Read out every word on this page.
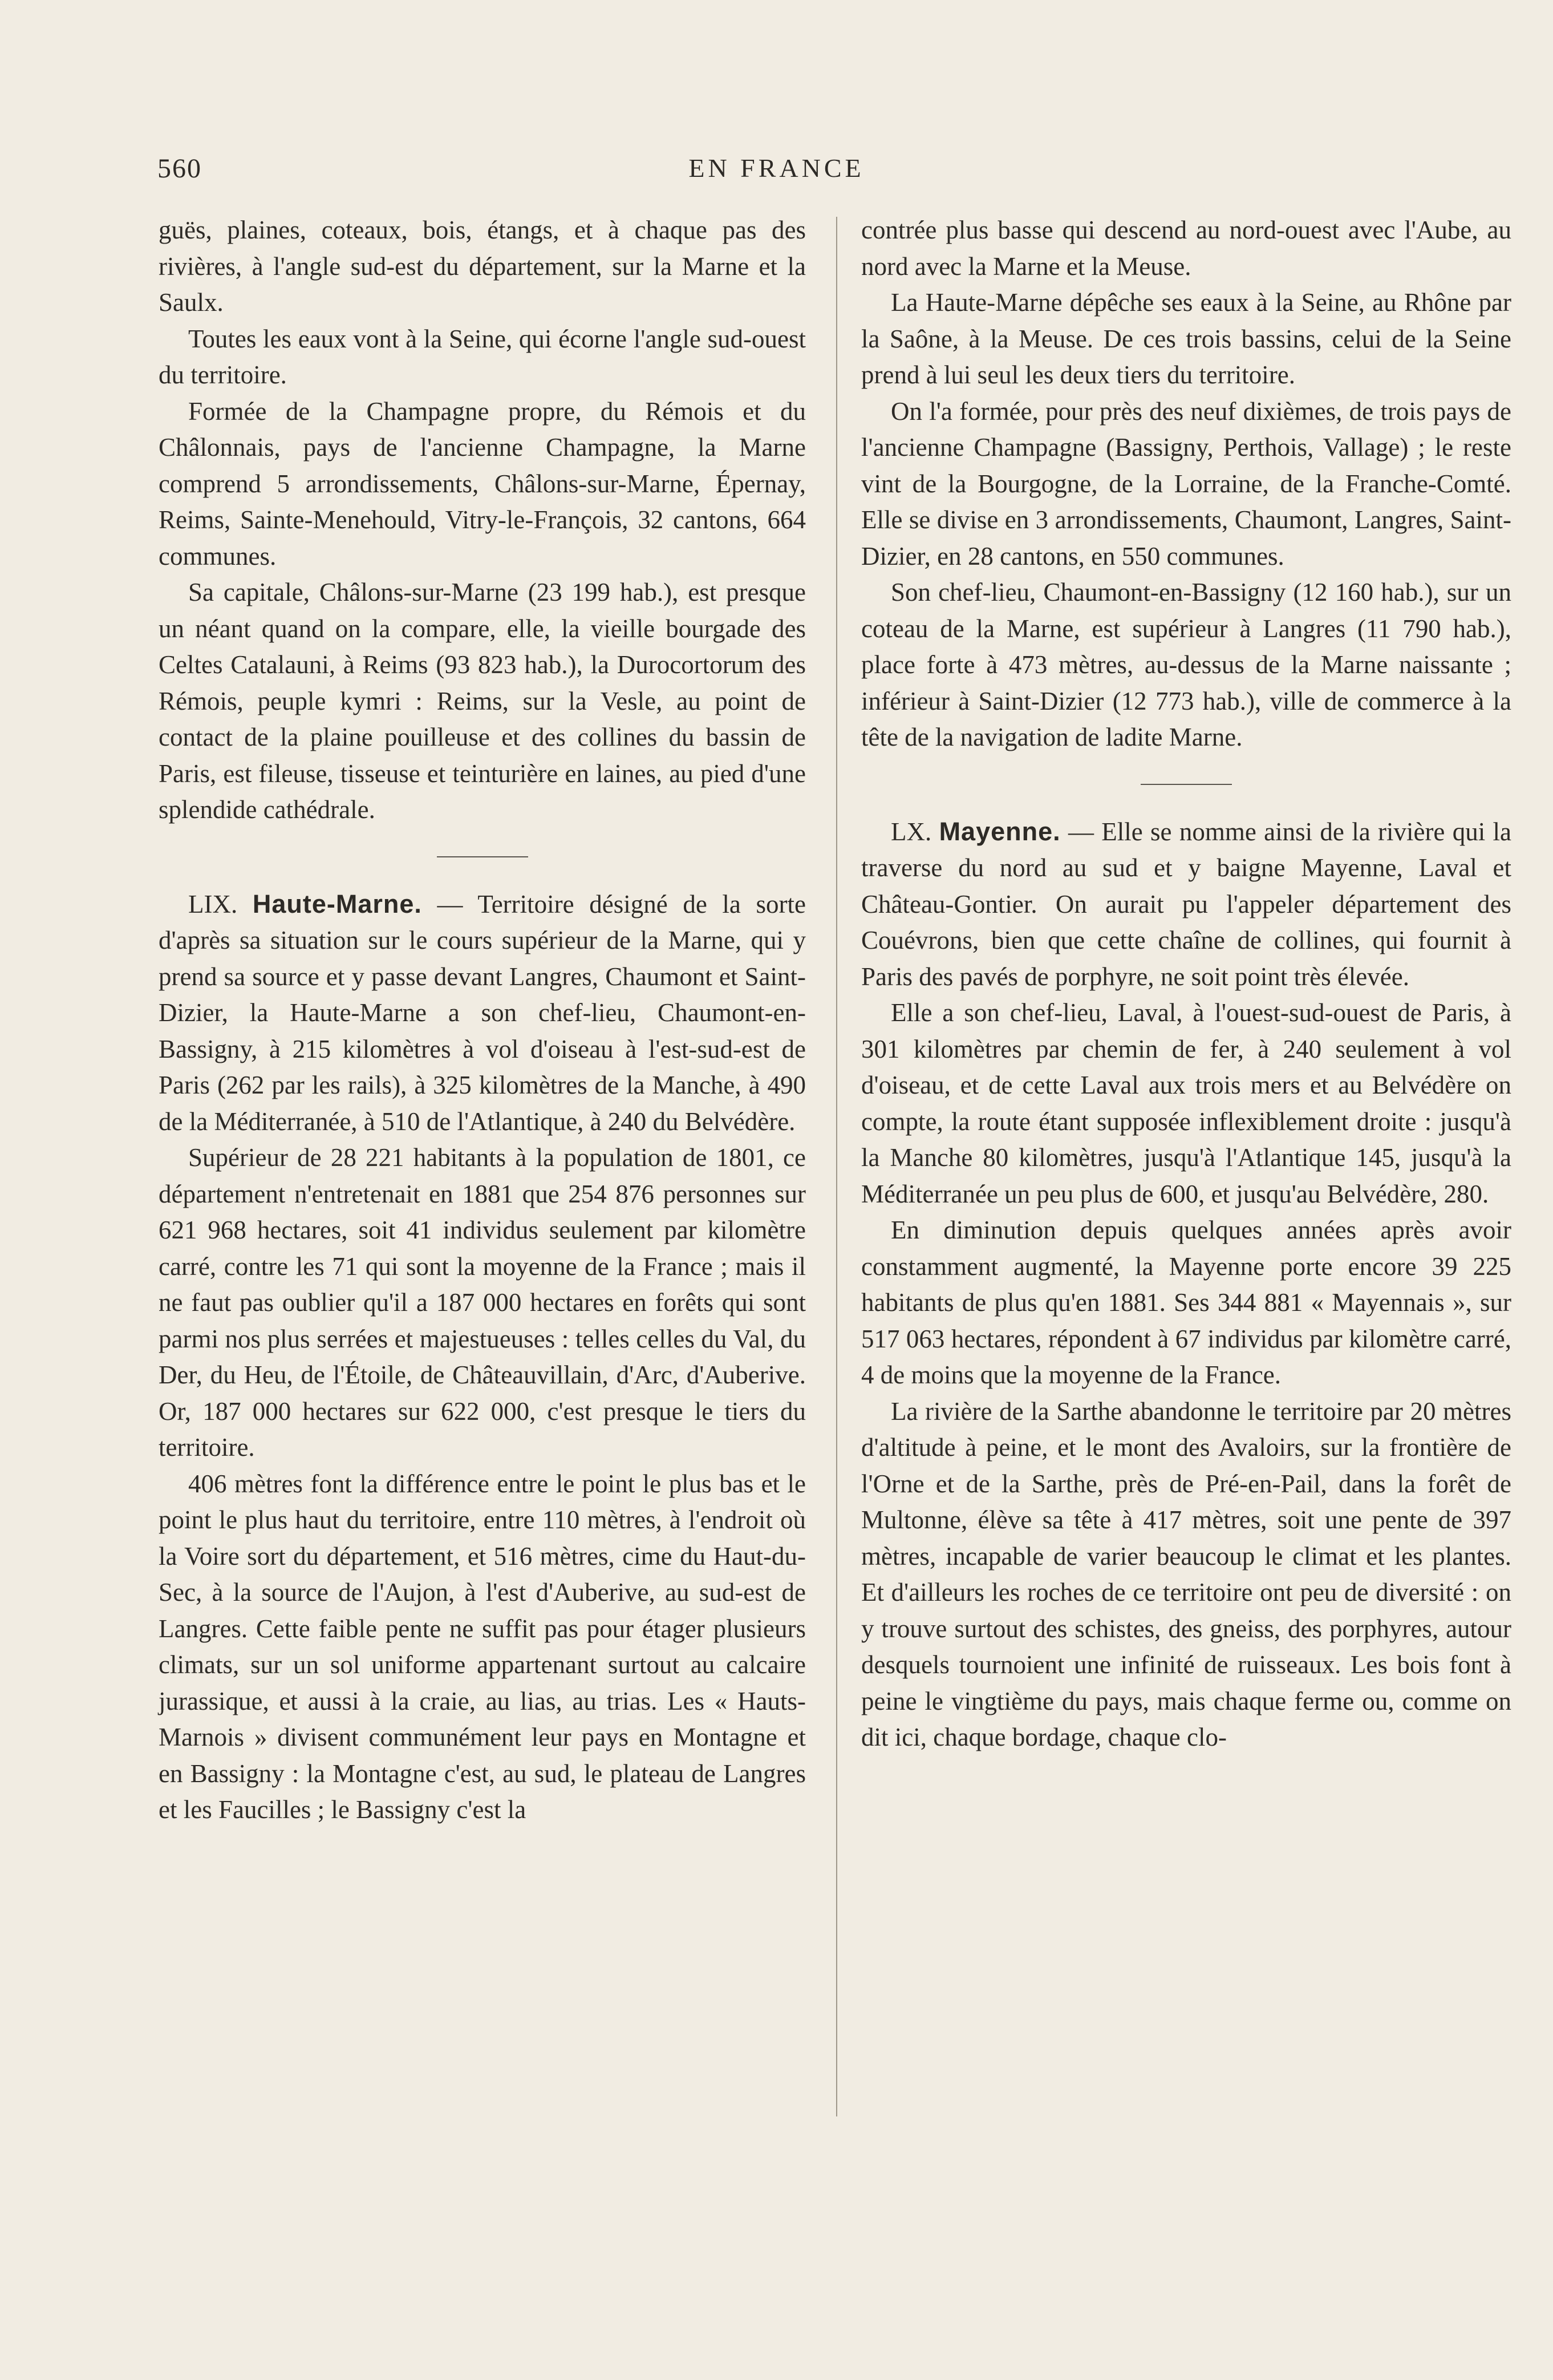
560	EN FRANCE

guës, plaines, coteaux, bois, étangs, et à chaque pas des rivières, à l'angle sud-est du département, sur la Marne et la Saulx.

Toutes les eaux vont à la Seine, qui écorne l'angle sud-ouest du territoire.

Formée de la Champagne propre, du Rémois et du Châlonnais, pays de l'ancienne Champagne, la Marne comprend 5 arrondissements, Châlons-sur-Marne, Épernay, Reims, Sainte-Menehould, Vitry-le-François, 32 cantons, 664 communes.

Sa capitale, Châlons-sur-Marne (23 199 hab.), est presque un néant quand on la compare, elle, la vieille bourgade des Celtes Catalauni, à Reims (93 823 hab.), la Durocortorum des Rémois, peuple kymri : Reims, sur la Vesle, au point de contact de la plaine pouilleuse et des collines du bassin de Paris, est fileuse, tisseuse et teinturière en laines, au pied d'une splendide cathédrale.

LIX. Haute-Marne. — Territoire désigné de la sorte d'après sa situation sur le cours supérieur de la Marne, qui y prend sa source et y passe devant Langres, Chaumont et Saint-Dizier, la Haute-Marne a son chef-lieu, Chaumont-en-Bassigny, à 215 kilomètres à vol d'oiseau à l'est-sud-est de Paris (262 par les rails), à 325 kilomètres de la Manche, à 490 de la Méditerranée, à 510 de l'Atlantique, à 240 du Belvédère.

Supérieur de 28 221 habitants à la population de 1801, ce département n'entretenait en 1881 que 254 876 personnes sur 621 968 hectares, soit 41 individus seulement par kilomètre carré, contre les 71 qui sont la moyenne de la France ; mais il ne faut pas oublier qu'il a 187 000 hectares en forêts qui sont parmi nos plus serrées et majestueuses : telles celles du Val, du Der, du Heu, de l'Étoile, de Châteauvillain, d'Arc, d'Auberive. Or, 187 000 hectares sur 622 000, c'est presque le tiers du territoire.

406 mètres font la différence entre le point le plus bas et le point le plus haut du territoire, entre 110 mètres, à l'endroit où la Voire sort du département, et 516 mètres, cime du Haut-du-Sec, à la source de l'Aujon, à l'est d'Auberive, au sud-est de Langres. Cette faible pente ne suffit pas pour étager plusieurs climats, sur un sol uniforme appartenant surtout au calcaire jurassique, et aussi à la craie, au lias, au trias. Les « Hauts-Marnois » divisent communément leur pays en Montagne et en Bassigny : la Montagne c'est, au sud, le plateau de Langres et les Faucilles ; le Bassigny c'est la

contrée plus basse qui descend au nord-ouest avec l'Aube, au nord avec la Marne et la Meuse.

La Haute-Marne dépêche ses eaux à la Seine, au Rhône par la Saône, à la Meuse. De ces trois bassins, celui de la Seine prend à lui seul les deux tiers du territoire.

On l'a formée, pour près des neuf dixièmes, de trois pays de l'ancienne Champagne (Bassigny, Perthois, Vallage) ; le reste vint de la Bourgogne, de la Lorraine, de la Franche-Comté. Elle se divise en 3 arrondissements, Chaumont, Langres, Saint-Dizier, en 28 cantons, en 550 communes.

Son chef-lieu, Chaumont-en-Bassigny (12 160 hab.), sur un coteau de la Marne, est supérieur à Langres (11 790 hab.), place forte à 473 mètres, au-dessus de la Marne naissante ; inférieur à Saint-Dizier (12 773 hab.), ville de commerce à la tête de la navigation de ladite Marne.

LX. Mayenne. — Elle se nomme ainsi de la rivière qui la traverse du nord au sud et y baigne Mayenne, Laval et Château-Gontier. On aurait pu l'appeler département des Couévrons, bien que cette chaîne de collines, qui fournit à Paris des pavés de porphyre, ne soit point très élevée.

Elle a son chef-lieu, Laval, à l'ouest-sud-ouest de Paris, à 301 kilomètres par chemin de fer, à 240 seulement à vol d'oiseau, et de cette Laval aux trois mers et au Belvédère on compte, la route étant supposée inflexiblement droite : jusqu'à la Manche 80 kilomètres, jusqu'à l'Atlantique 145, jusqu'à la Méditerranée un peu plus de 600, et jusqu'au Belvédère, 280.

En diminution depuis quelques années après avoir constamment augmenté, la Mayenne porte encore 39 225 habitants de plus qu'en 1881. Ses 344 881 « Mayennais », sur 517 063 hectares, répondent à 67 individus par kilomètre carré, 4 de moins que la moyenne de la France.

La rivière de la Sarthe abandonne le territoire par 20 mètres d'altitude à peine, et le mont des Avaloirs, sur la frontière de l'Orne et de la Sarthe, près de Pré-en-Pail, dans la forêt de Multonne, élève sa tête à 417 mètres, soit une pente de 397 mètres, incapable de varier beaucoup le climat et les plantes. Et d'ailleurs les roches de ce territoire ont peu de diversité : on y trouve surtout des schistes, des gneiss, des porphyres, autour desquels tournoient une infinité de ruisseaux. Les bois font à peine le vingtième du pays, mais chaque ferme ou, comme on dit ici, chaque bordage, chaque clo-
